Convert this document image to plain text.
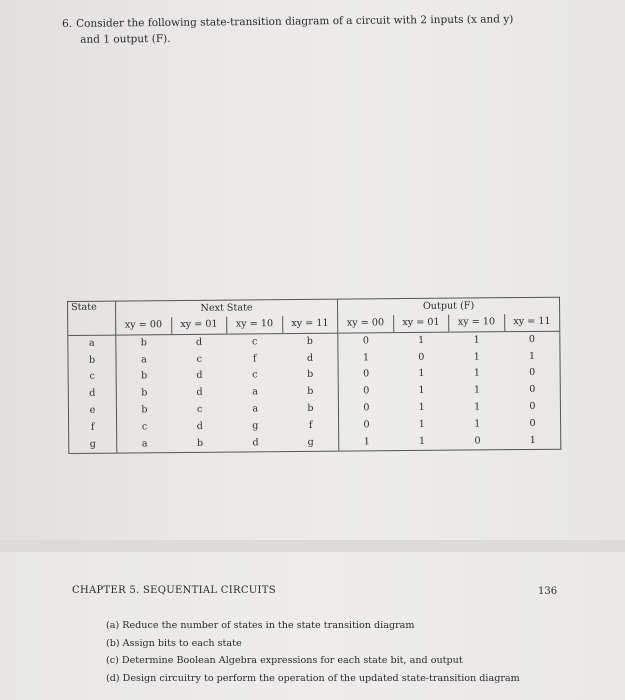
6. Consider the following state-transition diagram of a circuit with 2 inputs (x and y)
and 1 output (F).
State	Next State				Output (F)			
	xy = 00	xy = 01	xy = 10	xy = 11	xy = 00	xy = 01	xy = 10	xy = 11
a	b	d	c	b	0	1	1	0
b	a	c	f	d	1	0	1	1
c	b	d	c	b	0	1	1	0
d	b	d	a	b	0	1	1	0
e	b	c	a	b	0	1	1	0
f	c	d	g	f	0	1	1	0
g	a	b	d	g	1	1	0	1
CHAPTER 5. SEQUENTIAL CIRCUITS	136
(a) Reduce the number of states in the state transition diagram
(b) Assign bits to each state
(c) Determine Boolean Algebra expressions for each state bit, and output
(d) Design circuitry to perform the operation of the updated state-transition diagram
